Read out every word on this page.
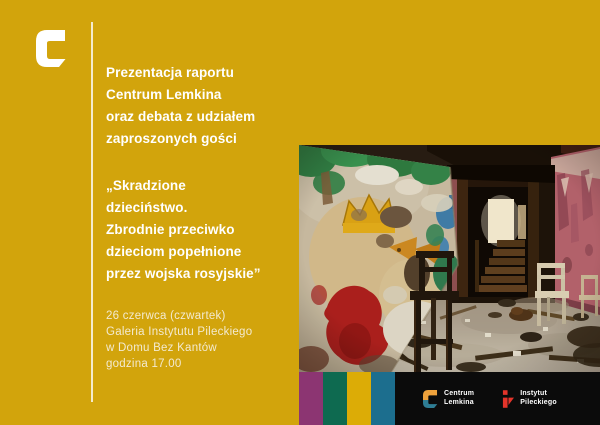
Prezentacja raportu
Centrum Lemkina
oraz debata z udziałem
zaproszonych gości
„Skradzione
dzieciństwo.
Zbrodnie przeciwko
dzieciom popełnione
przez wojska rosyjskie”
26 czerwca (czwartek)
Galeria Instytutu Pileckiego
w Domu Bez Kantów
godzina 17.00
Centrum
Lemkina
Instytut
Pileckiego
